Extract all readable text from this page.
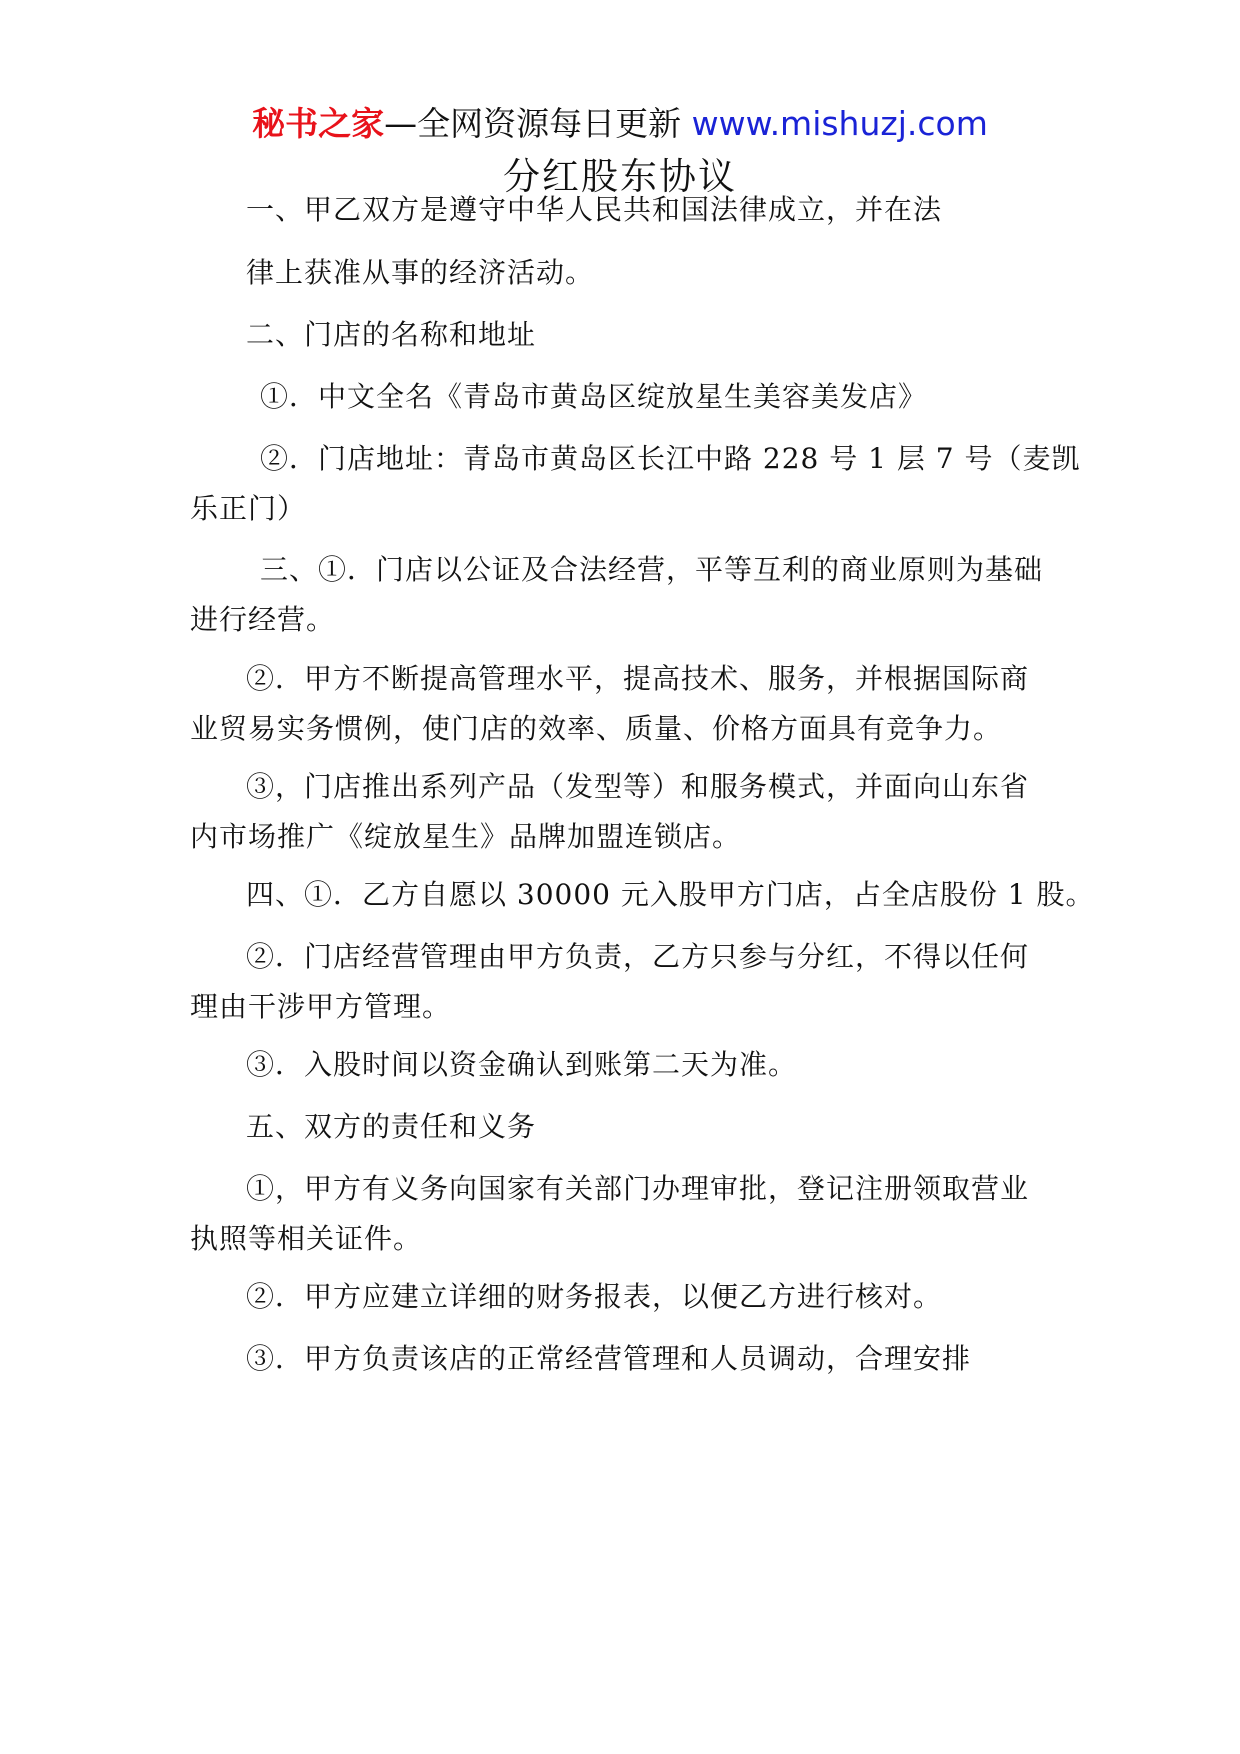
秘书之家—全网资源每日更新 www.mishuzj.com
分红股东协议
一、甲乙双方是遵守中华人民共和国法律成立，并在法
律上获准从事的经济活动。
二、门店的名称和地址
①．中文全名《青岛市黄岛区绽放星生美容美发店》
②．门店地址：青岛市黄岛区长江中路 228 号 1 层 7 号（麦凯
乐正门）
三、①．门店以公证及合法经营，平等互利的商业原则为基础
进行经营。
②．甲方不断提高管理水平，提高技术、服务，并根据国际商
业贸易实务惯例，使门店的效率、质量、价格方面具有竞争力。
③，门店推出系列产品（发型等）和服务模式，并面向山东省
内市场推广《绽放星生》品牌加盟连锁店。
四、①．乙方自愿以 30000 元入股甲方门店，占全店股份 1 股。
②．门店经营管理由甲方负责，乙方只参与分红，不得以任何
理由干涉甲方管理。
③．入股时间以资金确认到账第二天为准。
五、双方的责任和义务
①，甲方有义务向国家有关部门办理审批，登记注册领取营业
执照等相关证件。
②．甲方应建立详细的财务报表，以便乙方进行核对。
③．甲方负责该店的正常经营管理和人员调动，合理安排
